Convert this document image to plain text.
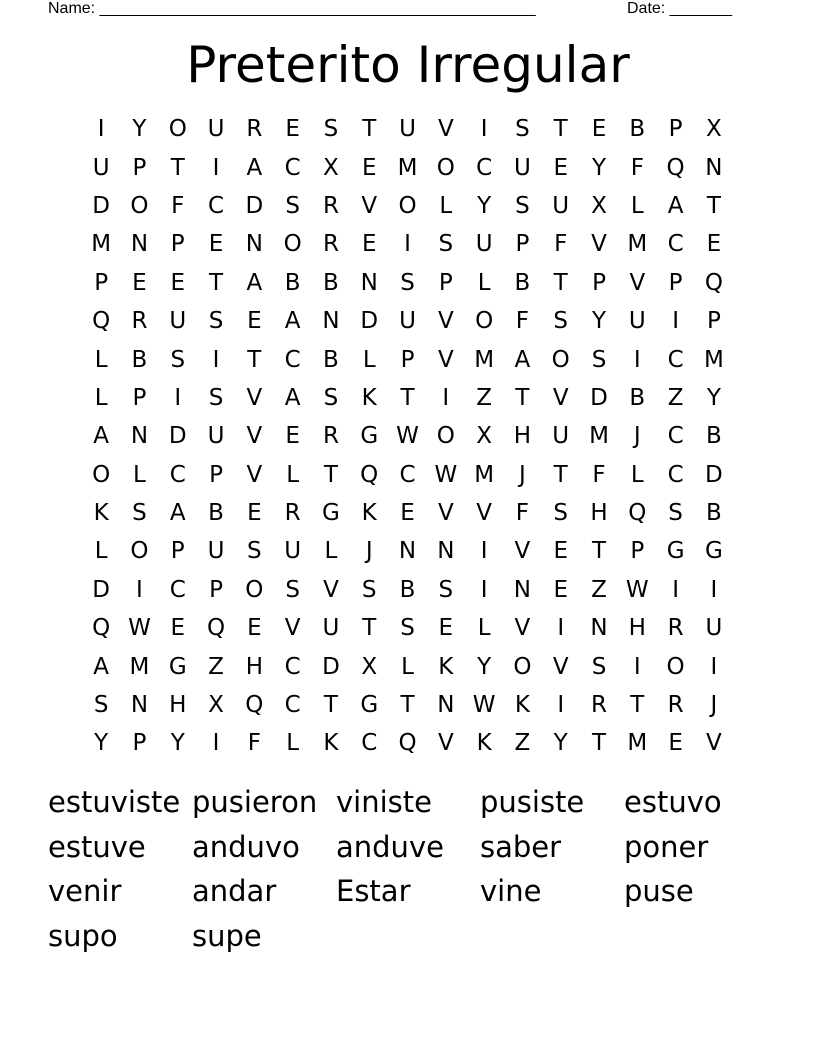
Name: _________________________________________________	Date: _______
Preterito Irregular
I	Y O U R	E	S	T U V	I	S	T	E	B	P	X
U P	T	I	A C X	E M O C U E	Y	F Q N
D O F	C D S	R V O L	Y	S U X	L	A	T
M N P	E N O R	E	I	S U P	F	V M C	E
P	E	E	T	A B B N S	P	L	B	T	P	V	P Q
Q R U S	E	A N D U V O F	S	Y U	I	P
L	B	S	I	T	C B	L	P	V M A O S	I	C M
L	P	I	S	V A	S	K	T	I	Z	T	V D B Z	Y
A N D U V	E	R G W O X H U M	J	C B
O L	C	P	V	L	T Q C W M	J	T	F	L	C D
K	S	A B	E	R G K	E	V V	F	S H Q S	B
L O P U S U	L	J	N N	I	V	E	T	P G G
D	I	C	P O S	V	S	B	S	I	N E	Z W	I	I
Q W E Q E	V U T	S	E	L	V	I	N H R U
A M G Z H C D X	L	K	Y O V	S	I	O	I
S N H X Q C	T G T N W K	I	R	T	R	J
Y	P	Y	I	F	L	K C Q V K Z	Y	T M E	V
estuviste pusieron viniste	pusiste	estuvo
estuve	anduvo	anduve	saber	poner
venir	andar	Estar	vine	puse
supo	supe
